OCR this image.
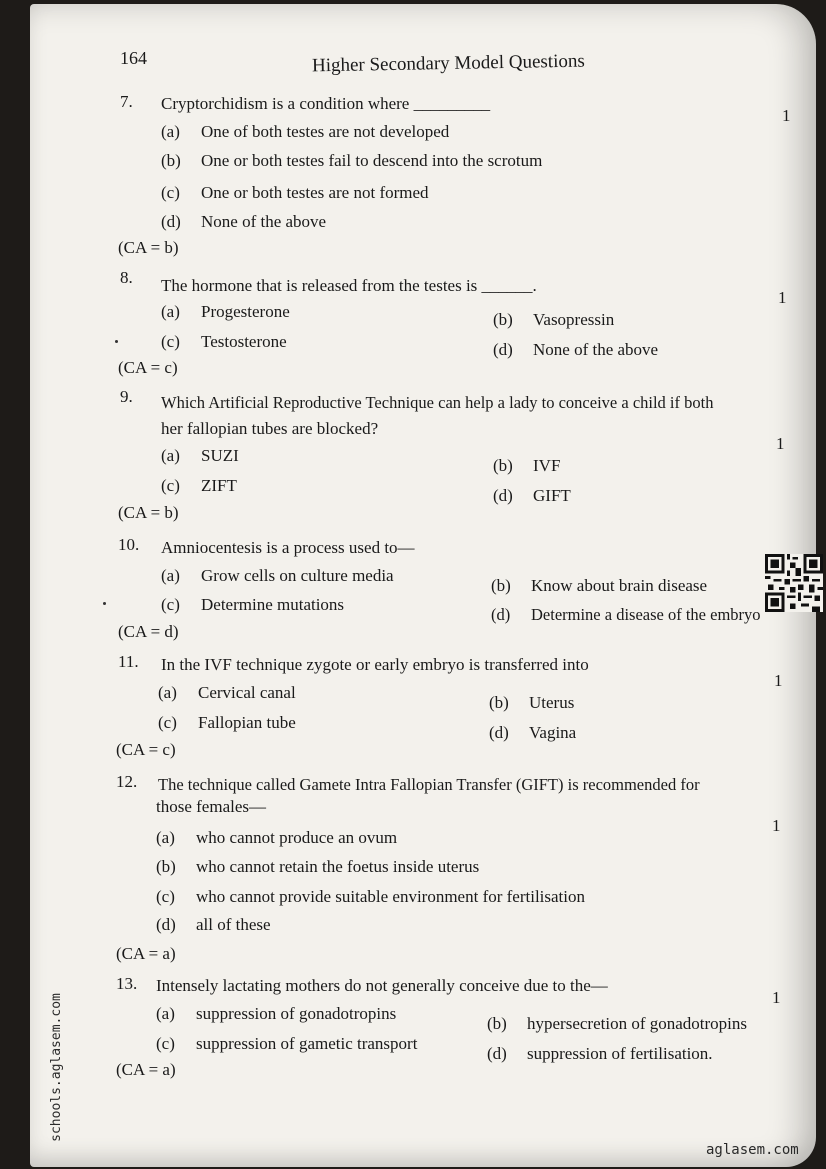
164	Higher Secondary Model Questions
7. Cryptorchidism is a condition where _________
1
(a) One of both testes are not developed
(b) One or both testes fail to descend into the scrotum
(c) One or both testes are not formed
(d) None of the above
(CA = b)
8. The hormone that is released from the testes is ______.
1
(a) Progesterone	(b) Vasopressin
(c) Testosterone	(d) None of the above
(CA = c)
9. Which Artificial Reproductive Technique can help a lady to conceive a child if both
her fallopian tubes are blocked?
1
(a) SUZI
(b) IVF
(c) ZIFT
(d) GIFT
(CA = b)
10. Amniocentesis is a process used to—
(a) Grow cells on culture media
(b) Know about brain disease
(c) Determine mutations
(d) Determine a disease of the embryo
(CA = d)
11. In the IVF technique zygote or early embryo is transferred into
1
(a) Cervical canal
(b) Uterus
(c) Fallopian tube
(d) Vagina
(CA = c)
12. The technique called Gamete Intra Fallopian Transfer (GIFT) is recommended for
those females—
1
(a) who cannot produce an ovum
(b) who cannot retain the foetus inside uterus
(c) who cannot provide suitable environment for fertilisation
(d) all of these
(CA = a)
13. Intensely lactating mothers do not generally conceive due to the—
1
(a) suppression of gonadotropins
(b) hypersecretion of gonadotropins
(c) suppression of gametic transport
(d) suppression of fertilisation.
(CA = a)
schools.aglasem.com
aglasem.com
